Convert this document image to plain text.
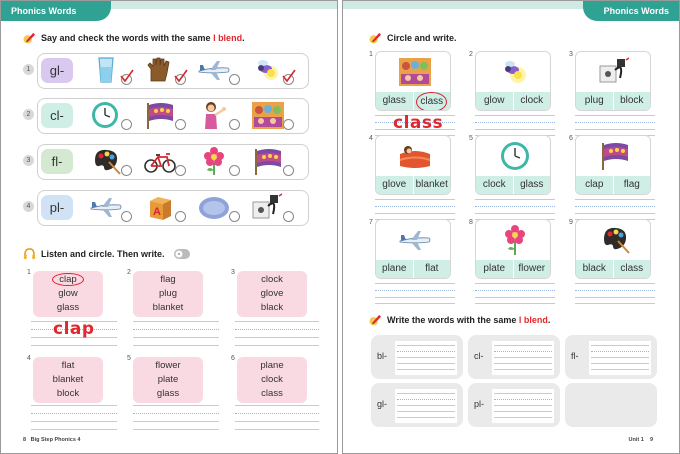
Phonics Words
Say and check the words with the same l blend.
1	gl-
2	cl-
3	fl-
4	pl-	A
Listen and circle. Then write.
1
clap
glow
glass
2
flag
plug
blanket
3
clock
glove
black
clap
4
flat
blanket
block
5
flower
plate
glass
6
plane
clock
class
8 Big Step Phonics 4
Phonics Words
Circle and write.
1
glass	class
2
glow	clock
3
plug	block
class
4
glove blanket
5
clock	glass
6
clap	flag
7
plane	flat
8
plate	flower
9
black	class
Write the words with the same l blend.
bl-	cl-	fl-
gl-	pl-
Unit 1 9
